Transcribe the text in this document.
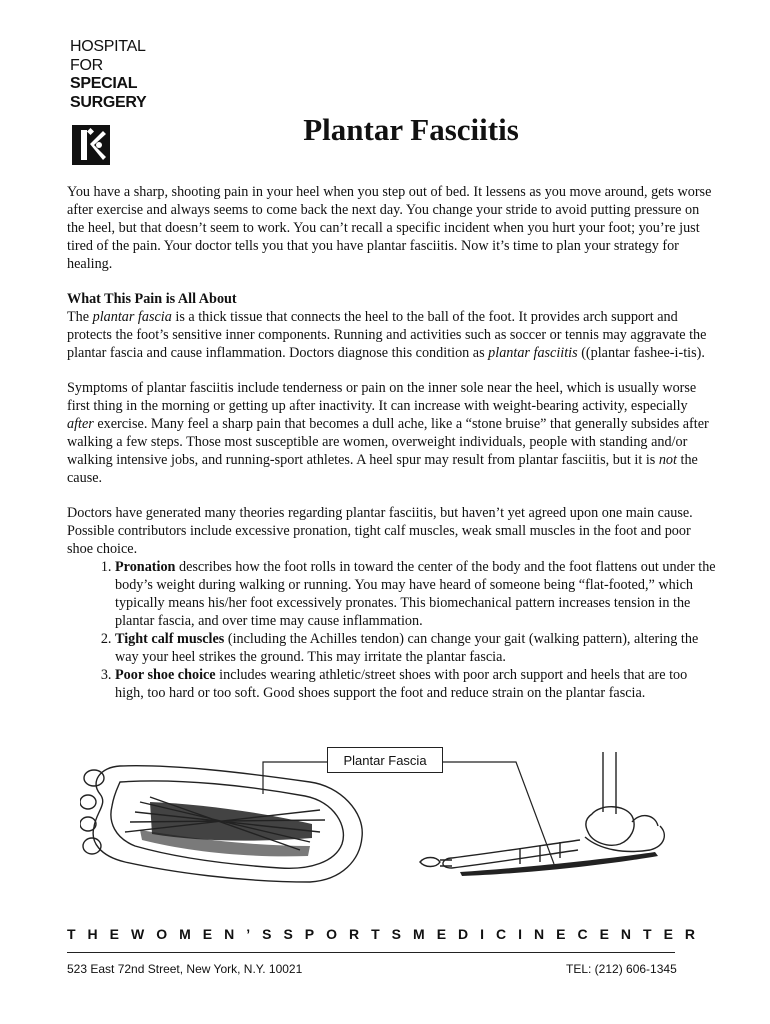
HOSPITAL
FOR
SPECIAL
SURGERY
Plantar Fasciitis

You have a sharp, shooting pain in your heel when you step out of bed. It lessens as you move around, gets worse after exercise and always seems to come back the next day. You change your stride to avoid putting pressure on the heel, but that doesn’t seem to work. You can’t recall a specific incident when you hurt your foot; you’re just tired of the pain. Your doctor tells you that you have plantar fasciitis. Now it’s time to plan your strategy for healing.

What This Pain is All About
The plantar fascia is a thick tissue that connects the heel to the ball of the foot. It provides arch support and protects the foot’s sensitive inner components. Running and activities such as soccer or tennis may aggravate the plantar fascia and cause inflammation. Doctors diagnose this condition as plantar fasciitis ((plantar fashee-i-tis).

Symptoms of plantar fasciitis include tenderness or pain on the inner sole near the heel, which is usually worse first thing in the morning or getting up after inactivity. It can increase with weight-bearing activity, especially after exercise. Many feel a sharp pain that becomes a dull ache, like a “stone bruise” that generally subsides after walking a few steps. Those most susceptible are women, overweight individuals, people with standing and/or walking intensive jobs, and running-sport athletes. A heel spur may result from plantar fasciitis, but it is not the cause.

Doctors have generated many theories regarding plantar fasciitis, but haven’t yet agreed upon one main cause. Possible contributors include excessive pronation, tight calf muscles, weak small muscles in the foot and poor shoe choice.
1. Pronation describes how the foot rolls in toward the center of the body and the foot flattens out under the body’s weight during walking or running. You may have heard of someone being “flat-footed,” which typically means his/her foot excessively pronates. This biomechanical pattern increases tension in the plantar fascia, and over time may cause inflammation.
2. Tight calf muscles (including the Achilles tendon) can change your gait (walking pattern), altering the way your heel strikes the ground. This may irritate the plantar fascia.
3. Poor shoe choice includes wearing athletic/street shoes with poor arch support and heels that are too high, too hard or too soft. Good shoes support the foot and reduce strain on the plantar fascia.
Plantar Fascia
THE WOMEN’S SPORTS MEDICINE CENTER
523 East 72nd Street, New York, N.Y. 10021	TEL: (212) 606-1345
